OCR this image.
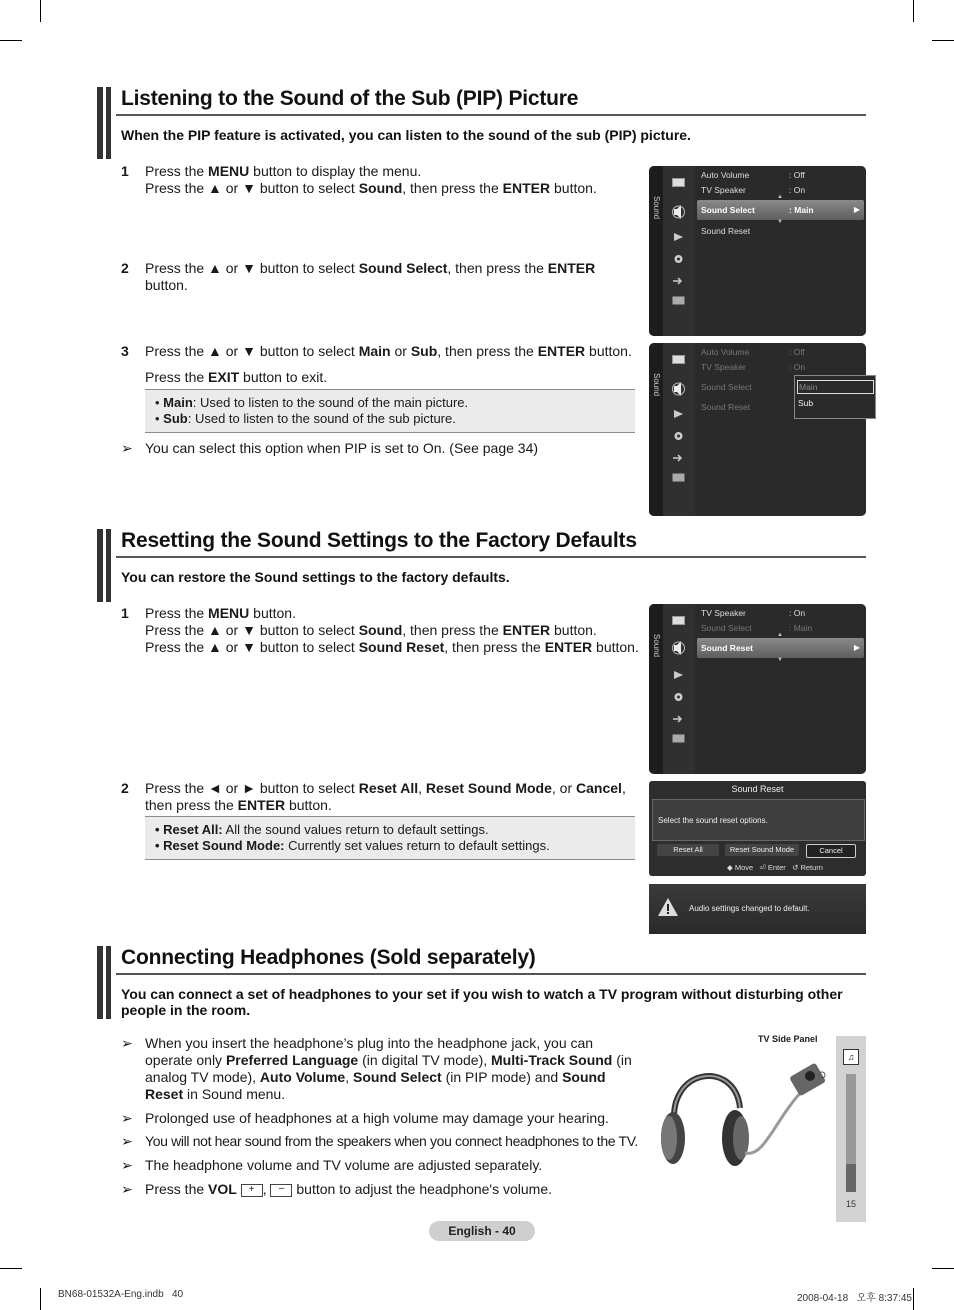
Listening to the Sound of the Sub (PIP) Picture
When the PIP feature is activated, you can listen to the sound of the sub (PIP) picture.
1 Press the MENU button to display the menu.
Press the ▲ or ▼ button to select Sound, then press the ENTER button.
2 Press the ▲ or ▼ button to select Sound Select, then press the ENTER button.
3 Press the ▲ or ▼ button to select Main or Sub, then press the ENTER button.
Press the EXIT button to exit.
• Main: Used to listen to the sound of the main picture.
• Sub: Used to listen to the sound of the sub picture.
➢ You can select this option when PIP is set to On. (See page 34)
Sound
Auto Volume	: Off
TV Speaker	: On
▲
Sound Select	: Main	▶
▼
Sound Reset
Sound
Auto Volume	: Off
TV Speaker	: On
Sound Select
Sound Reset
Main
Sub
Resetting the Sound Settings to the Factory Defaults
You can restore the Sound settings to the factory defaults.
1 Press the MENU button.
Press the ▲ or ▼ button to select Sound, then press the ENTER button.
Press the ▲ or ▼ button to select Sound Reset, then press the ENTER button.
2 Press the ◄ or ► button to select Reset All, Reset Sound Mode, or Cancel,
then press the ENTER button.
• Reset All: All the sound values return to default settings.
• Reset Sound Mode: Currently set values return to default settings.
Sound
TV Speaker	: On
Sound Select	: Main
▲
Sound Reset	▶
▼
Sound Reset
Select the sound reset options.
Reset All	Reset Sound Mode	Cancel
◆ Move ⏎ Enter ↺ Return
Audio settings changed to default.
Connecting Headphones (Sold separately)
You can connect a set of headphones to your set if you wish to watch a TV program without disturbing other people in the room.
➢ When you insert the headphone’s plug into the headphone jack, you can operate only Preferred Language (in digital TV mode), Multi-Track Sound (in analog TV mode), Auto Volume, Sound Select (in PIP mode) and Sound Reset in Sound menu.
➢ Prolonged use of headphones at a high volume may damage your hearing.
➢ You will not hear sound from the speakers when you connect headphones to the TV.
➢ The headphone volume and TV volume are adjusted separately.
➢ Press the VOL + , – button to adjust the headphone's volume.
TV Side Panel
♫
15
English - 40
BN68-01532A-Eng.indb   40	2008-04-18   오후 8:37:45
